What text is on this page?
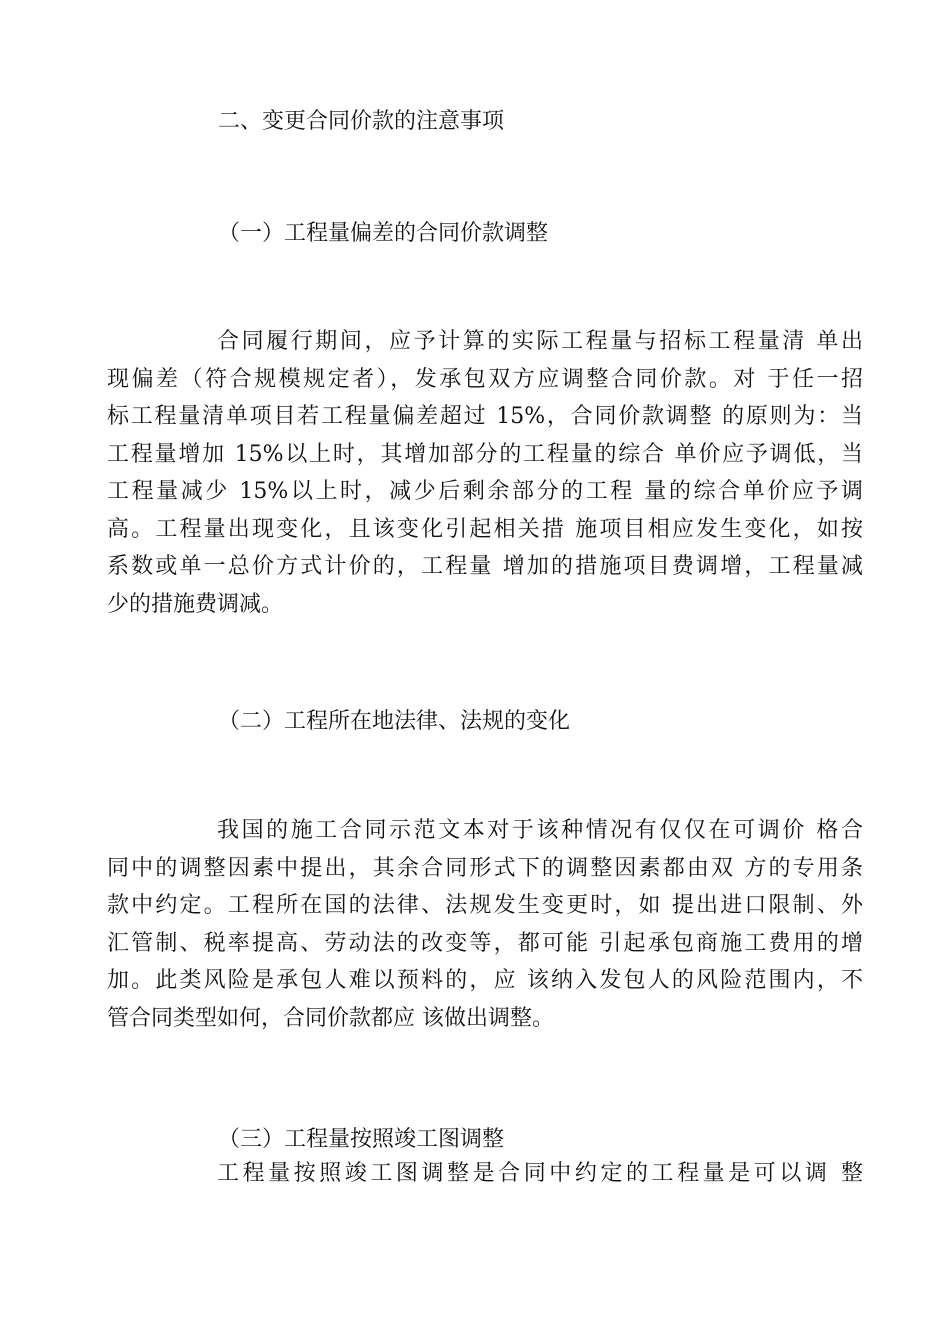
二、变更合同价款的注意事项
（一）工程量偏差的合同价款调整
合同履行期间，应予计算的实际工程量与招标工程量清 单出
现偏差（符合规模规定者），发承包双方应调整合同价款。对 于任一招
标工程量清单项目若工程量偏差超过 15%，合同价款调整 的原则为：当
工程量增加 15%以上时，其增加部分的工程量的综合 单价应予调低，当
工程量减少 15%以上时，减少后剩余部分的工程 量的综合单价应予调
高。工程量出现变化，且该变化引起相关措 施项目相应发生变化，如按
系数或单一总价方式计价的，工程量 增加的措施项目费调增，工程量减
少的措施费调减。
（二）工程所在地法律、法规的变化
我国的施工合同示范文本对于该种情况有仅仅在可调价 格合
同中的调整因素中提出，其余合同形式下的调整因素都由双 方的专用条
款中约定。工程所在国的法律、法规发生变更时，如 提出进口限制、外
汇管制、税率提高、劳动法的改变等，都可能 引起承包商施工费用的增
加。此类风险是承包人难以预料的，应 该纳入发包人的风险范围内，不
管合同类型如何，合同价款都应 该做出调整。
（三）工程量按照竣工图调整
工程量按照竣工图调整是合同中约定的工程量是可以调 整
